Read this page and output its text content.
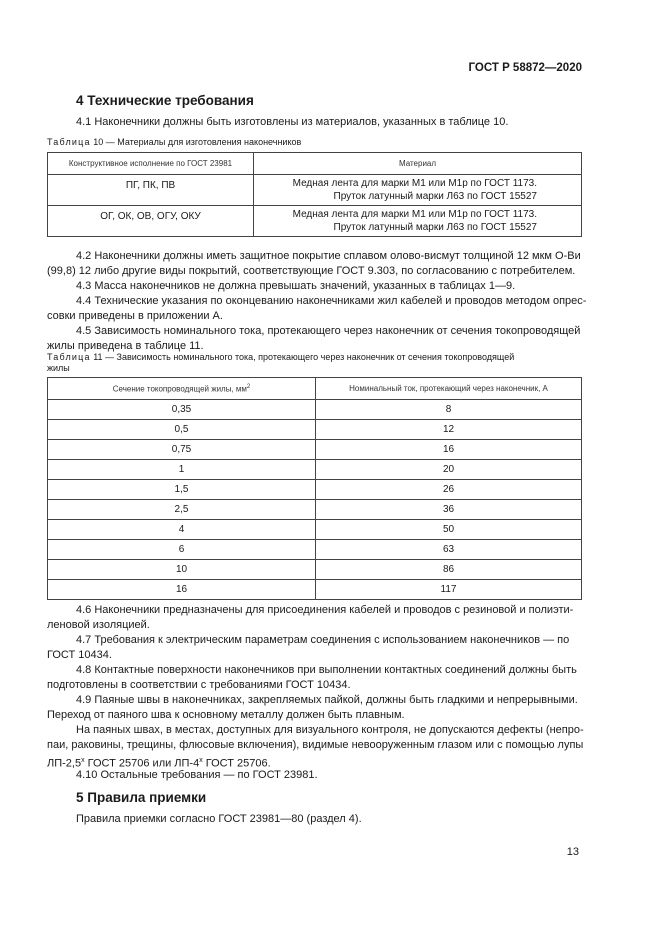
ГОСТ Р 58872—2020
4 Технические требования
4.1 Наконечники должны быть изготовлены из материалов, указанных в таблице 10.
Таблица 10 — Материалы для изготовления наконечников
Конструктивное исполнение по ГОСТ 23981	Материал
ПГ, ПК, ПВ	Медная лента для марки М1 или М1р по ГОСТ 1173.
Пруток латунный марки Л63 по ГОСТ 15527
ОГ, ОК, ОВ, ОГУ, ОКУ	Медная лента для марки М1 или М1р по ГОСТ 1173.
Пруток латунный марки Л63 по ГОСТ 15527
4.2 Наконечники должны иметь защитное покрытие сплавом олово-висмут толщиной 12 мкм О-Ви
(99,8) 12 либо другие виды покрытий, соответствующие ГОСТ 9.303, по согласованию с потребителем.
4.3 Масса наконечников не должна превышать значений, указанных в таблицах 1—9.
4.4 Технические указания по оконцеванию наконечниками жил кабелей и проводов методом опрес-
совки приведены в приложении А.
4.5 Зависимость номинального тока, протекающего через наконечник от сечения токопроводящей
жилы приведена в таблице 11.
Таблица 11 — Зависимость номинального тока, протекающего через наконечник от сечения токопроводящей
жилы
Сечение токопроводящей жилы, $мм^2$	Номинальный ток, протекающий через наконечник, А
0,35	8
0,5	12
0,75	16
1	20
1,5	26
2,5	36
4	50
6	63
10	86
16	117
4.6 Наконечники предназначены для присоединения кабелей и проводов с резиновой и полиэти-
леновой изоляцией.
4.7 Требования к электрическим параметрам соединения с использованием наконечников — по
ГОСТ 10434.
4.8 Контактные поверхности наконечников при выполнении контактных соединений должны быть
подготовлены в соответствии с требованиями ГОСТ 10434.
4.9 Паяные швы в наконечниках, закрепляемых пайкой, должны быть гладкими и непрерывными.
Переход от паяного шва к основному металлу должен быть плавным.
На паяных швах, в местах, доступных для визуального контроля, не допускаются дефекты (непро-
паи, раковины, трещины, флюсовые включения), видимые невооруженным глазом или с помощью лупы
$ЛП-2,5^х$ ГОСТ 25706 или $ЛП-4^х$ ГОСТ 25706.
4.10 Остальные требования — по ГОСТ 23981.
5 Правила приемки
Правила приемки согласно ГОСТ 23981—80 (раздел 4).
13
